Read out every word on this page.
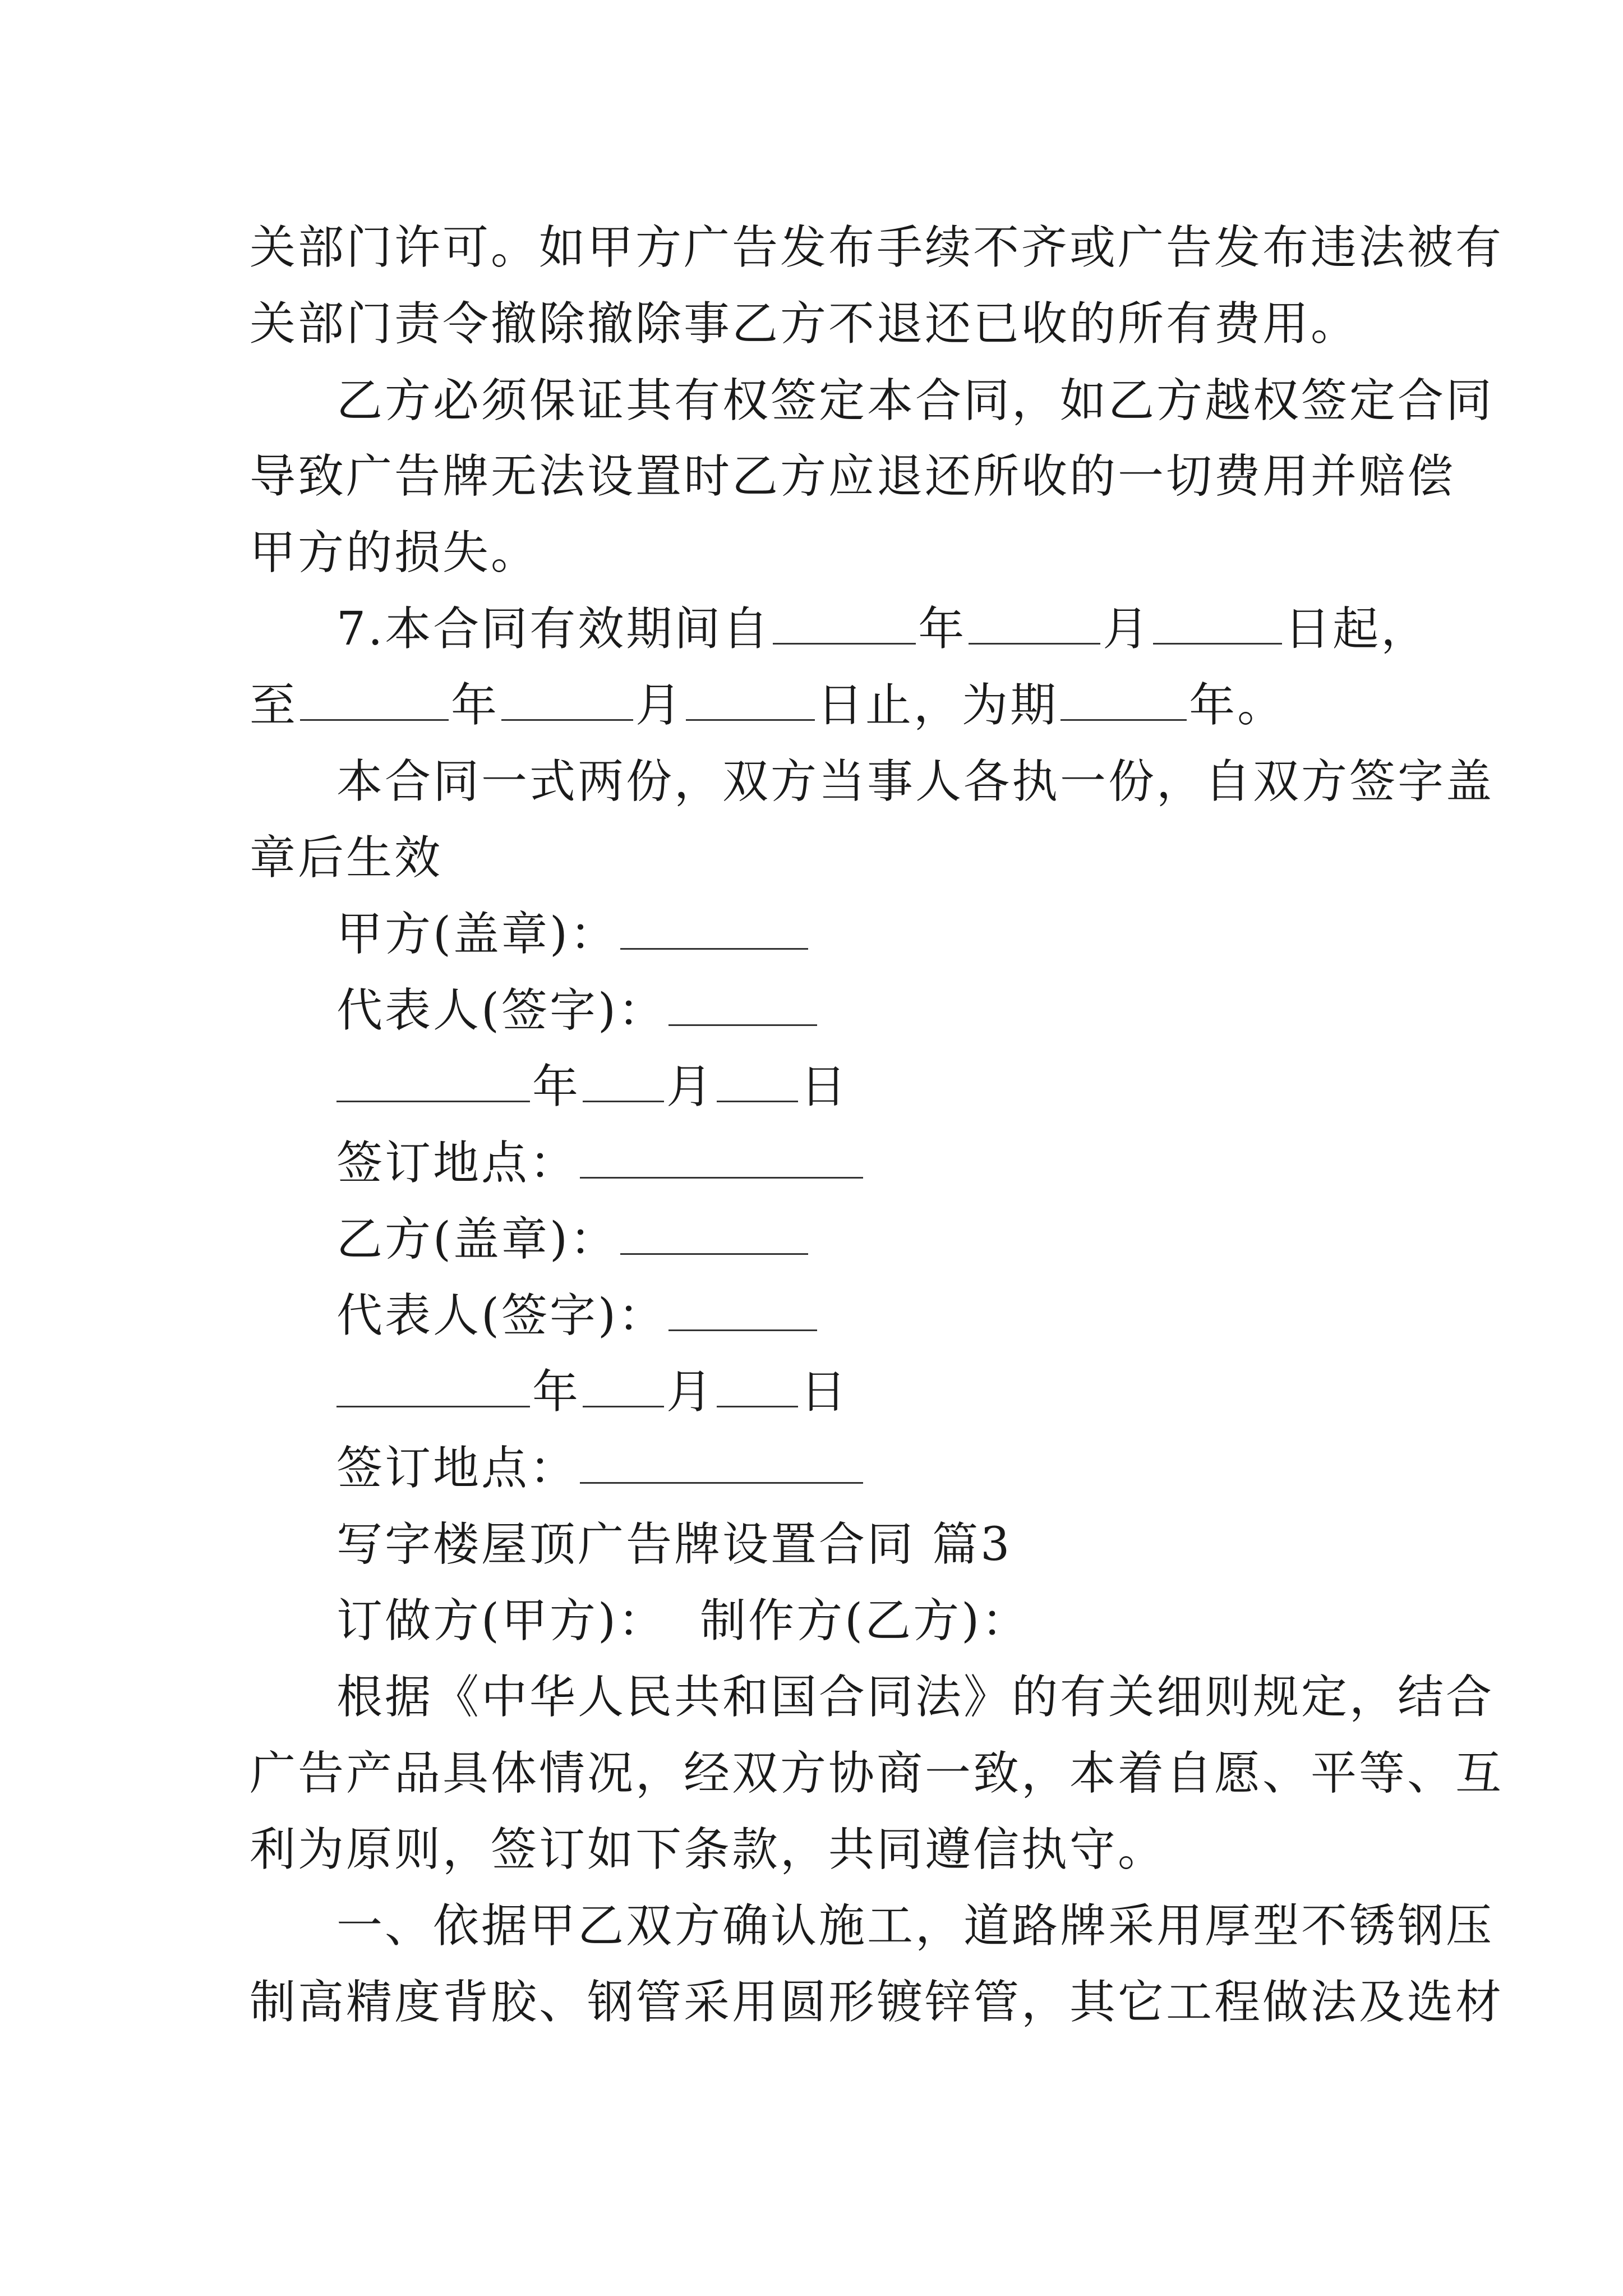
关部门许可。如甲方广告发布手续不齐或广告发布违法被有
关部门责令撤除撤除事乙方不退还已收的所有费用。
乙方必须保证其有权签定本合同，如乙方越权签定合同
导致广告牌无法设置时乙方应退还所收的一切费用并赔偿
甲方的损失。
7.本合同有效期间自	年	月	日起，
至	年	月	日止，为期	年。
本合同一式两份，双方当事人各执一份，自双方签字盖
章后生效
甲方(盖章)：
代表人(签字)：
年 月 日
签订地点：
乙方(盖章)：
代表人(签字)：
年 月 日
签订地点：
写字楼屋顶广告牌设置合同 篇3
订做方(甲方)：  制作方(乙方)：
根据《中华人民共和国合同法》的有关细则规定，结合
广告产品具体情况，经双方协商一致，本着自愿、平等、互
利为原则，签订如下条款，共同遵信执守。
一、依据甲乙双方确认施工，道路牌采用厚型不锈钢压
制高精度背胶、钢管采用圆形镀锌管，其它工程做法及选材
